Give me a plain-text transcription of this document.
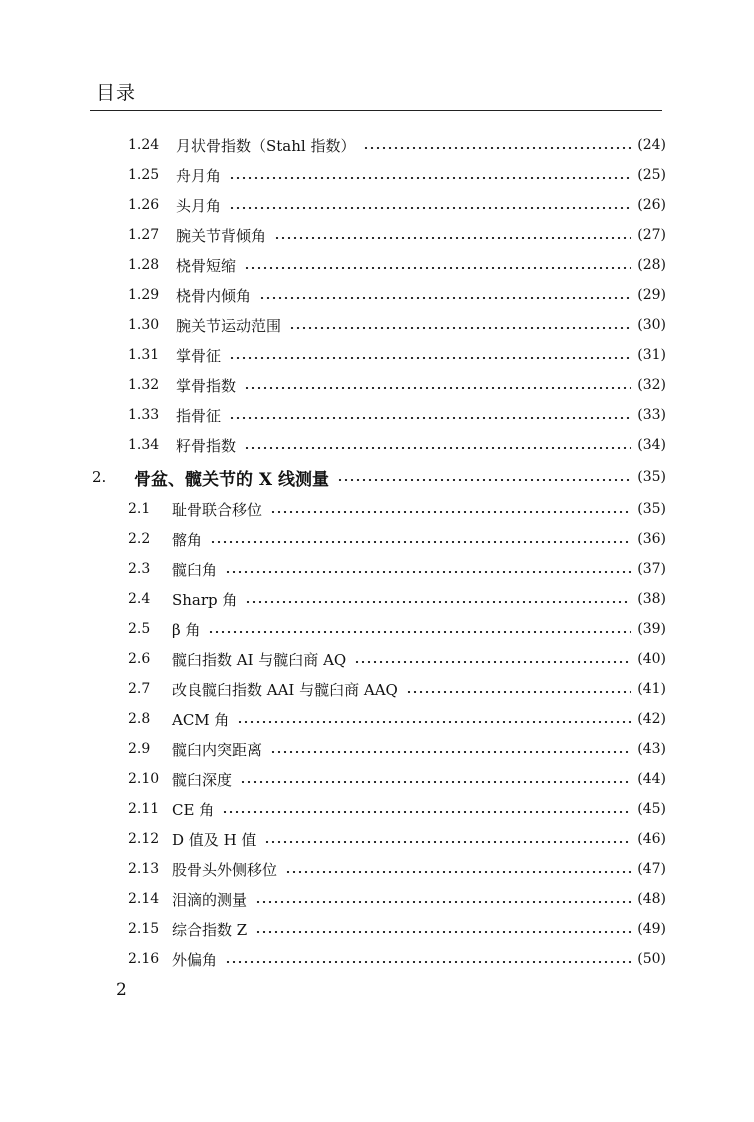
目录
1.24	月状骨指数（Stahl 指数）	(24)
1.25	舟月角	(25)
1.26	头月角	(26)
1.27	腕关节背倾角	(27)
1.28	桡骨短缩	(28)
1.29	桡骨内倾角	(29)
1.30	腕关节运动范围	(30)
1.31	掌骨征	(31)
1.32	掌骨指数	(32)
1.33	指骨征	(33)
1.34	籽骨指数	(34)
2.	骨盆、髋关节的 X 线测量	(35)
2.1	耻骨联合移位	(35)
2.2	髂角	(36)
2.3	髋臼角	(37)
2.4	Sharp 角	(38)
2.5	β 角	(39)
2.6	髋臼指数 AI 与髋臼商 AQ	(40)
2.7	改良髋臼指数 AAI 与髋臼商 AAQ	(41)
2.8	ACM 角	(42)
2.9	髋臼内突距离	(43)
2.10 髋臼深度	(44)
2.11 CE 角	(45)
2.12 D 值及 H 值	(46)
2.13 股骨头外侧移位	(47)
2.14 泪滴的测量	(48)
2.15 综合指数 Z	(49)
2.16 外偏角	(50)
2
